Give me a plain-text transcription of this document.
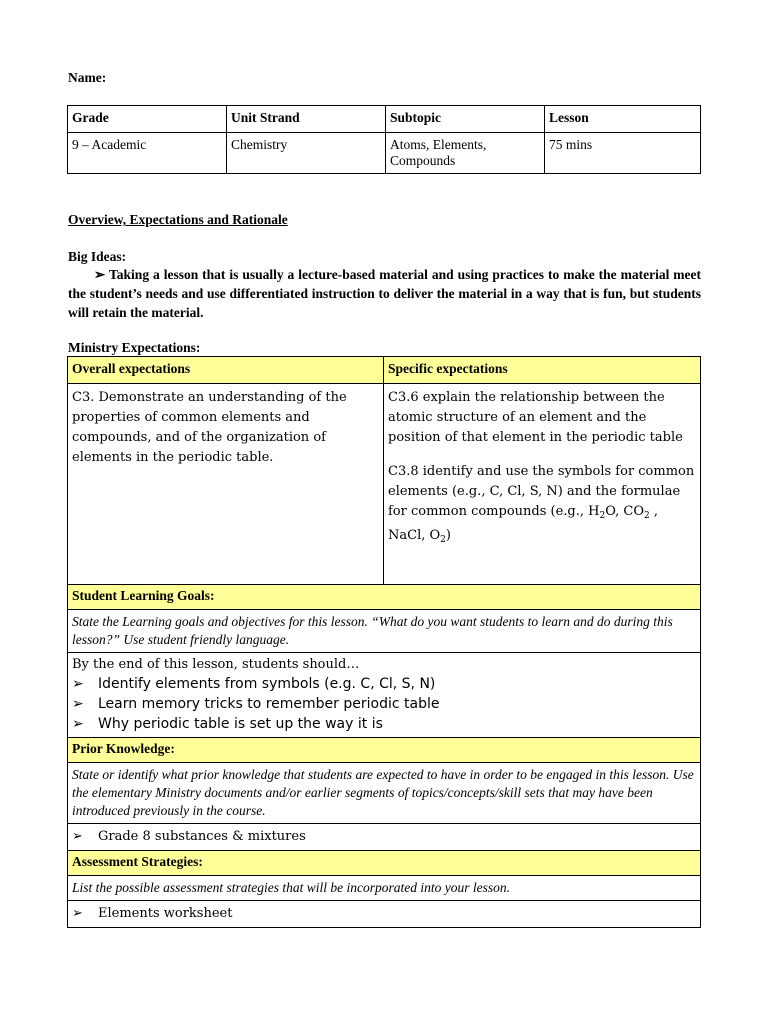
Name:
Grade	Unit Strand	Subtopic	Lesson
9 – Academic	Chemistry	Atoms, Elements, Compounds	75 mins
Overview, Expectations and Rationale
Big Ideas:
➢ Taking a lesson that is usually a lecture-based material and using practices to make the material meet the student’s needs and use differentiated instruction to deliver the material in a way that is fun, but students will retain the material.
Ministry Expectations:
Overall expectations	Specific expectations
C3. Demonstrate an understanding of the properties of common elements and compounds, and of the organization of elements in the periodic table.	C3.6 explain the relationship between the atomic structure of an element and the position of that element in the periodic table

C3.8 identify and use the symbols for common elements (e.g., C, Cl, S, N) and the formulae for common compounds (e.g., $H_2O$, $CO_2$ , NaCl, $O_2$)

Student Learning Goals:
State the Learning goals and objectives for this lesson. “What do you want students to learn and do during this lesson?” Use student friendly language.

By the end of this lesson, students should…
➢ Identify elements from symbols (e.g. C, Cl, S, N)
➢ Learn memory tricks to remember periodic table
➢ Why periodic table is set up the way it is

Prior Knowledge:
State or identify what prior knowledge that students are expected to have in order to be engaged in this lesson. Use the elementary Ministry documents and/or earlier segments of topics/concepts/skill sets that may have been introduced previously in the course.
➢ Grade 8 substances & mixtures
Assessment Strategies:
List the possible assessment strategies that will be incorporated into your lesson.
➢ Elements worksheet
